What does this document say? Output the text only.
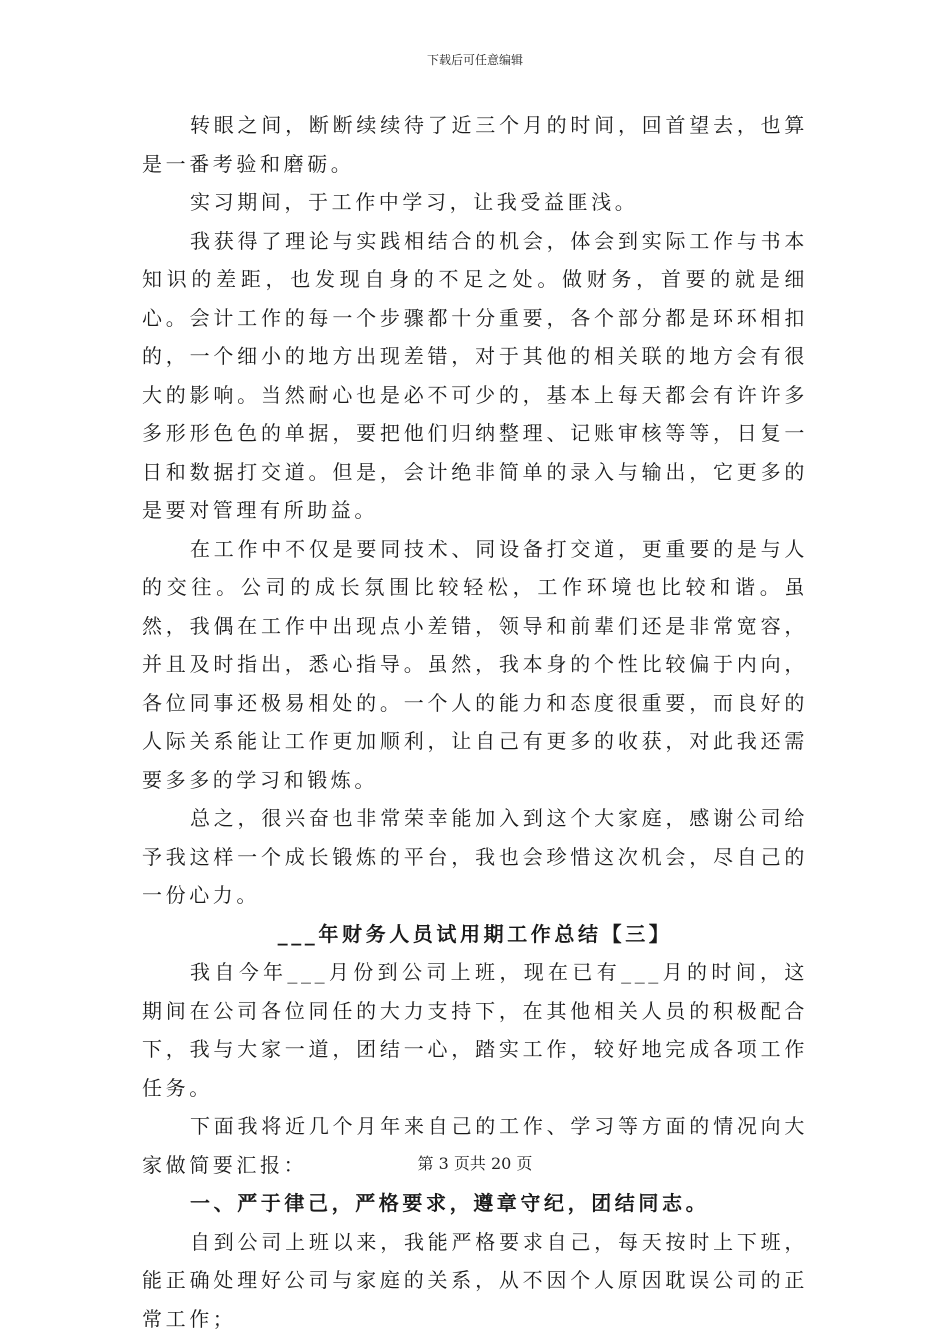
下载后可任意编辑

转眼之间，断断续续待了近三个月的时间，回首望去，也算是一番考验和磨砺。

实习期间，于工作中学习，让我受益匪浅。

我获得了理论与实践相结合的机会，体会到实际工作与书本知识的差距，也发现自身的不足之处。做财务，首要的就是细心。会计工作的每一个步骤都十分重要，各个部分都是环环相扣的，一个细小的地方出现差错，对于其他的相关联的地方会有很大的影响。当然耐心也是必不可少的，基本上每天都会有许许多多形形色色的单据，要把他们归纳整理、记账审核等等，日复一日和数据打交道。但是，会计绝非简单的录入与输出，它更多的是要对管理有所助益。

在工作中不仅是要同技术、同设备打交道，更重要的是与人的交往。公司的成长氛围比较轻松，工作环境也比较和谐。虽然，我偶在工作中出现点小差错，领导和前辈们还是非常宽容，并且及时指出，悉心指导。虽然，我本身的个性比较偏于内向，各位同事还极易相处的。一个人的能力和态度很重要，而良好的人际关系能让工作更加顺利，让自己有更多的收获，对此我还需要多多的学习和锻炼。

总之，很兴奋也非常荣幸能加入到这个大家庭，感谢公司给予我这样一个成长锻炼的平台，我也会珍惜这次机会，尽自己的一份心力。

___年财务人员试用期工作总结【三】

我自今年___月份到公司上班，现在已有___月的时间，这期间在公司各位同任的大力支持下，在其他相关人员的积极配合下，我与大家一道，团结一心，踏实工作，较好地完成各项工作任务。

下面我将近几个月年来自己的工作、学习等方面的情况向大家做简要汇报：

一、严于律己，严格要求，遵章守纪，团结同志。

自到公司上班以来，我能严格要求自己，每天按时上下班，能正确处理好公司与家庭的关系，从不因个人原因耽误公司的正常工作；

第 3 页共 20 页
